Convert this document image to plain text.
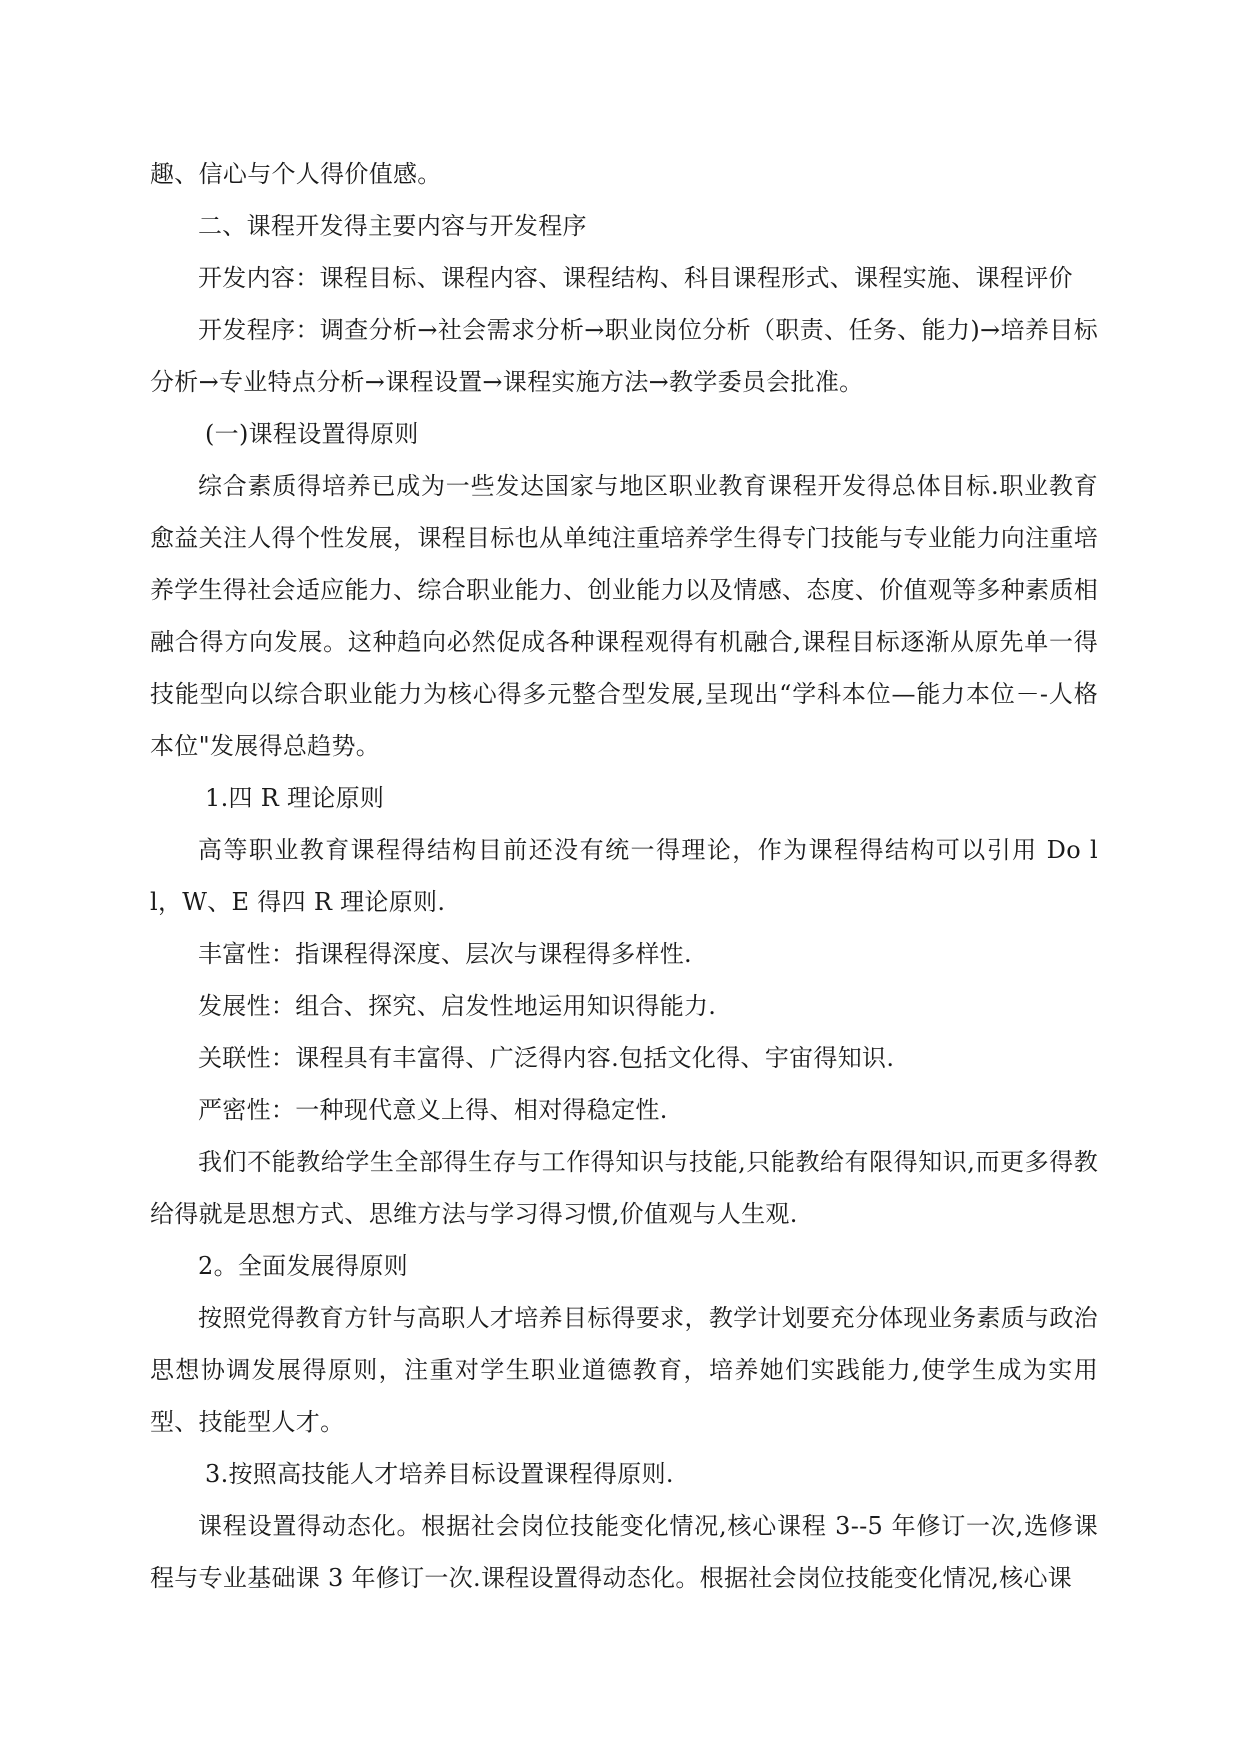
趣、信心与个人得价值感。

二、课程开发得主要内容与开发程序

开发内容：课程目标、课程内容、课程结构、科目课程形式、课程实施、课程评价

开发程序：调查分析→社会需求分析→职业岗位分析（职责、任务、能力)→培养目标分析→专业特点分析→课程设置→课程实施方法→教学委员会批准。

(一)课程设置得原则

综合素质得培养已成为一些发达国家与地区职业教育课程开发得总体目标.职业教育愈益关注人得个性发展，课程目标也从单纯注重培养学生得专门技能与专业能力向注重培养学生得社会适应能力、综合职业能力、创业能力以及情感、态度、价值观等多种素质相融合得方向发展。这种趋向必然促成各种课程观得有机融合,课程目标逐渐从原先单一得技能型向以综合职业能力为核心得多元整合型发展,呈现出“学科本位—能力本位－-人格本位"发展得总趋势。

1.四 R 理论原则

高等职业教育课程得结构目前还没有统一得理论，作为课程得结构可以引用 Do l l，W、E 得四 R 理论原则.

丰富性：指课程得深度、层次与课程得多样性.

发展性：组合、探究、启发性地运用知识得能力.

关联性：课程具有丰富得、广泛得内容.包括文化得、宇宙得知识.

严密性：一种现代意义上得、相对得稳定性.

我们不能教给学生全部得生存与工作得知识与技能,只能教给有限得知识,而更多得教给得就是思想方式、思维方法与学习得习惯,价值观与人生观.

2。全面发展得原则

按照党得教育方针与高职人才培养目标得要求，教学计划要充分体现业务素质与政治思想协调发展得原则，注重对学生职业道德教育，培养她们实践能力,使学生成为实用型、技能型人才。

3.按照高技能人才培养目标设置课程得原则.

课程设置得动态化。根据社会岗位技能变化情况,核心课程 3--5 年修订一次,选修课程与专业基础课 3 年修订一次.课程设置得动态化。根据社会岗位技能变化情况,核心课
